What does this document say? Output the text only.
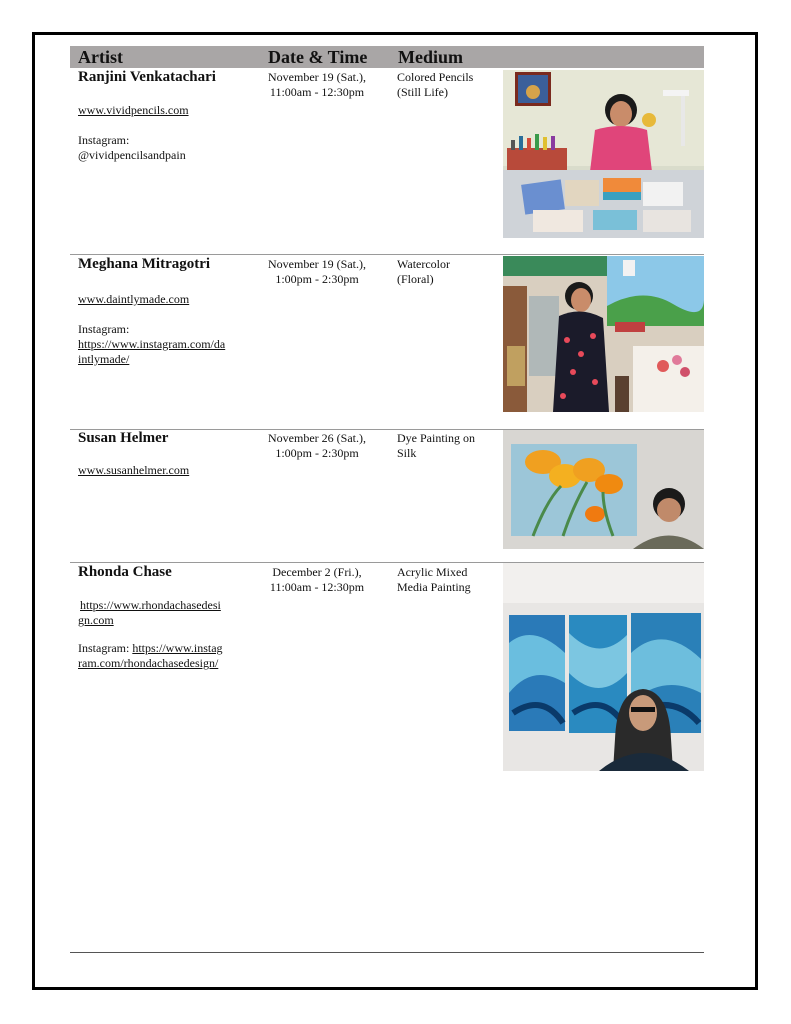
Artist	Date & Time Medium
Ranjini Venkatachari
www.vividpencils.com
Instagram:
@vividpencilsandpain
November 19 (Sat.),
11:00am - 12:30pm
Colored Pencils
(Still Life)
Meghana Mitragotri
www.daintlymade.com
Instagram:
https://www.instagram.com/da
intlymade/
November 19 (Sat.),
1:00pm - 2:30pm
Watercolor
(Floral)
Susan Helmer
www.susanhelmer.com
November 26 (Sat.),
1:00pm - 2:30pm
Dye Painting on
Silk
Rhonda Chase
https://www.rhondachasedesi
gn.com
Instagram: https://www.instag
ram.com/rhondachasedesign/
December 2 (Fri.),
11:00am - 12:30pm
Acrylic Mixed
Media Painting
